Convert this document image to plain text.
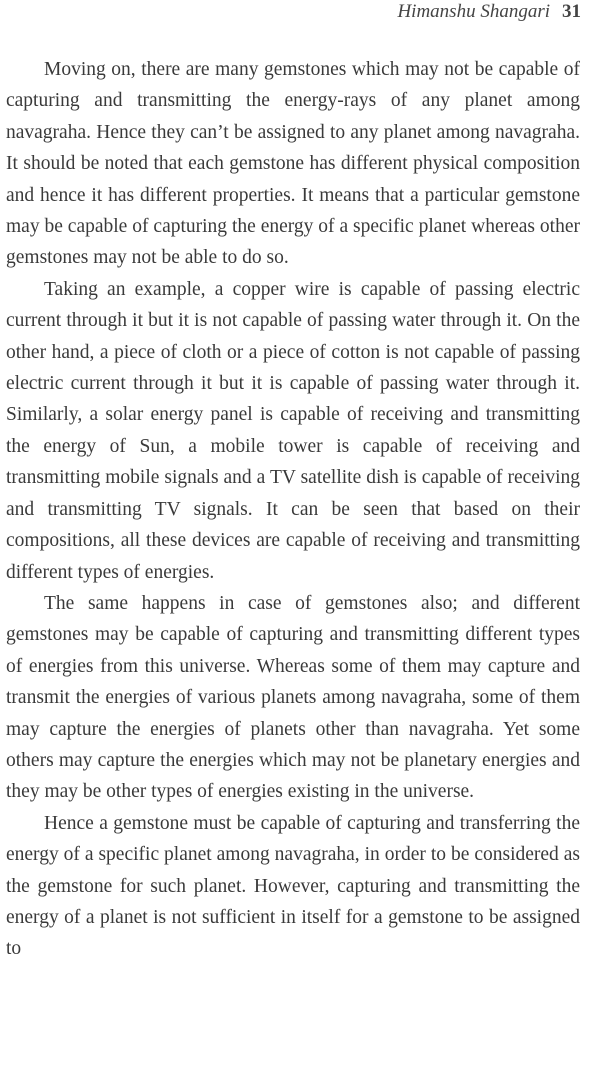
Himanshu Shangari 31

Moving on, there are many gemstones which may not be capable of capturing and transmitting the energy-rays of any planet among navagraha. Hence they can’t be assigned to any planet among navagraha. It should be noted that each gemstone has different physical composition and hence it has different properties. It means that a particular gemstone may be capable of capturing the energy of a specific planet whereas other gemstones may not be able to do so.

Taking an example, a copper wire is capable of passing electric current through it but it is not capable of passing water through it. On the other hand, a piece of cloth or a piece of cotton is not capable of passing electric current through it but it is capable of passing water through it. Similarly, a solar energy panel is capable of receiving and transmitting the energy of Sun, a mobile tower is capable of receiving and transmitting mobile signals and a TV satellite dish is capable of receiving and transmitting TV signals. It can be seen that based on their compositions, all these devices are capable of receiving and transmitting different types of energies.

The same happens in case of gemstones also; and different gemstones may be capable of capturing and transmitting different types of energies from this universe. Whereas some of them may capture and transmit the energies of various planets among navagraha, some of them may capture the energies of planets other than navagraha. Yet some others may capture the energies which may not be planetary energies and they may be other types of energies existing in the universe.

Hence a gemstone must be capable of capturing and transferring the energy of a specific planet among navagraha, in order to be considered as the gemstone for such planet. However, capturing and transmitting the energy of a planet is not sufficient in itself for a gemstone to be assigned to
